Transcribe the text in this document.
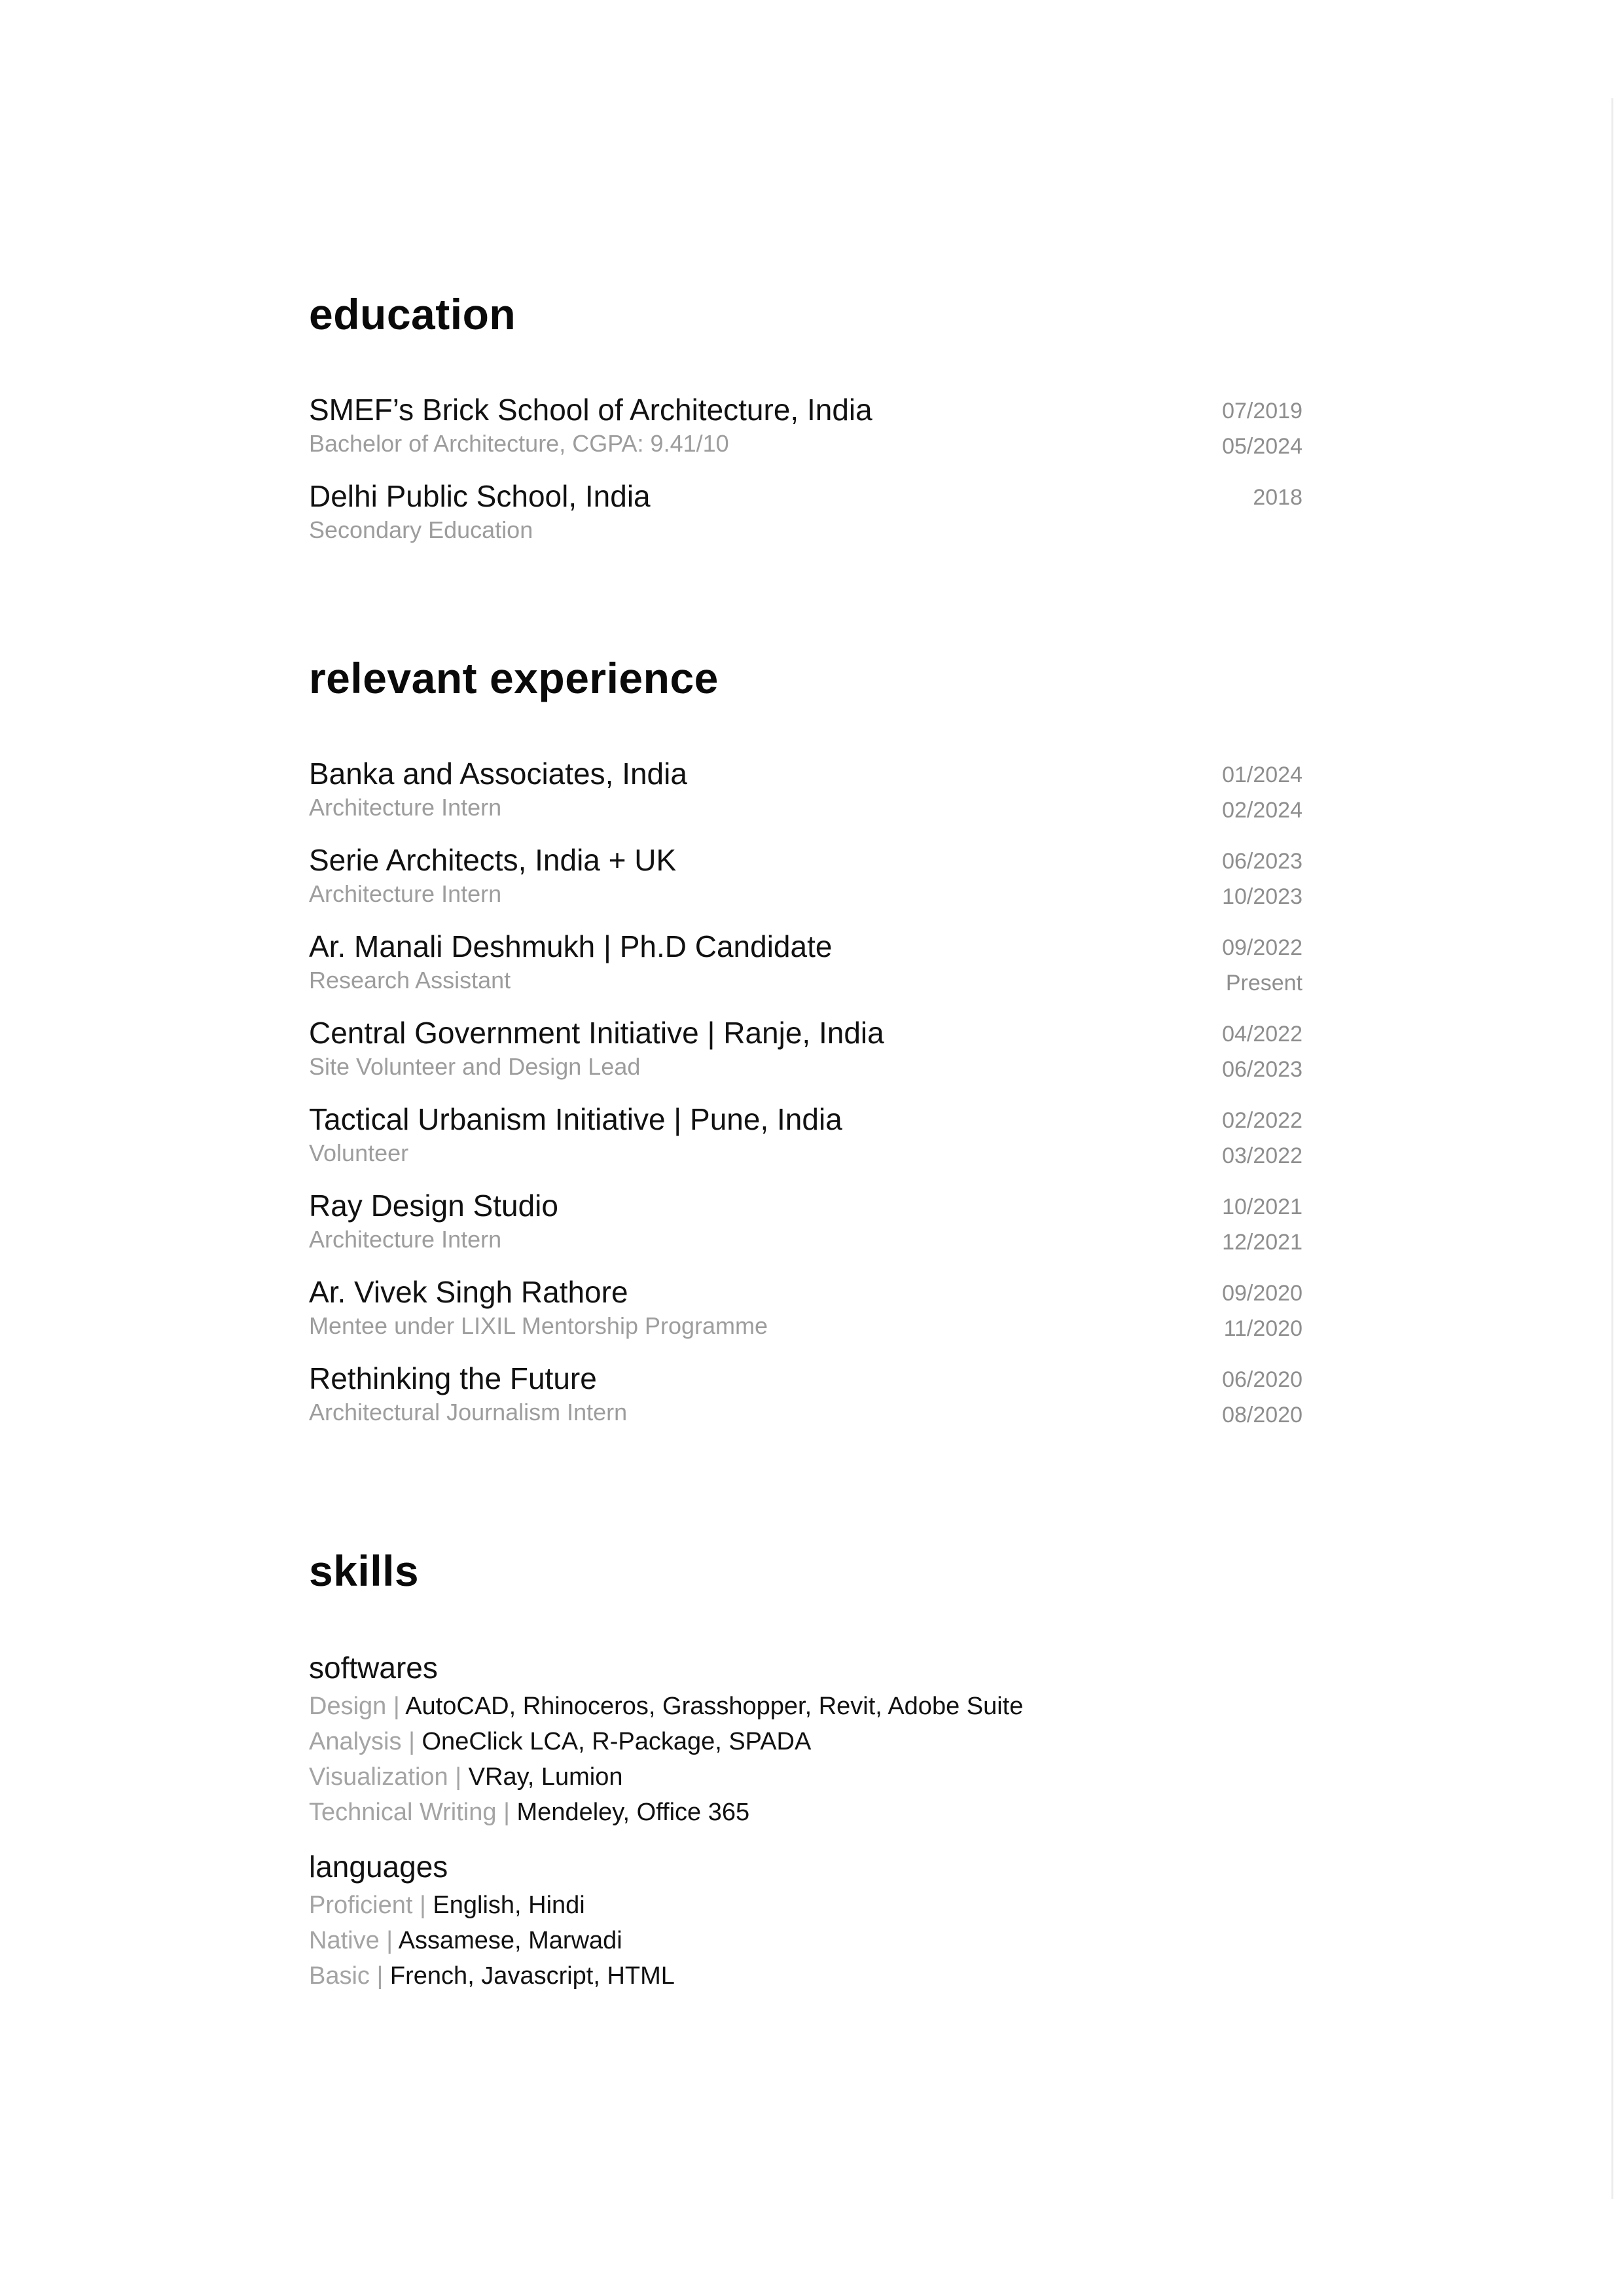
education
SMEF’s Brick School of Architecture, India
Bachelor of Architecture, CGPA: 9.41/10
07/2019
05/2024
Delhi Public School, India
Secondary Education
2018
relevant experience
Banka and Associates, India
Architecture Intern
01/2024
02/2024
Serie Architects, India + UK
Architecture Intern
06/2023
10/2023
Ar. Manali Deshmukh | Ph.D Candidate
Research Assistant
09/2022
Present
Central Government Initiative | Ranje, India
Site Volunteer and Design Lead
04/2022
06/2023
Tactical Urbanism Initiative | Pune, India
Volunteer
02/2022
03/2022
Ray Design Studio
Architecture Intern
10/2021
12/2021
Ar. Vivek Singh Rathore
Mentee under LIXIL Mentorship Programme
09/2020
11/2020
Rethinking the Future
Architectural Journalism Intern
06/2020
08/2020
skills
softwares
Design | AutoCAD, Rhinoceros, Grasshopper, Revit, Adobe Suite
Analysis | OneClick LCA, R-Package, SPADA
Visualization | VRay, Lumion
Technical Writing | Mendeley, Office 365
languages
Proficient | English, Hindi
Native | Assamese, Marwadi
Basic | French, Javascript, HTML
